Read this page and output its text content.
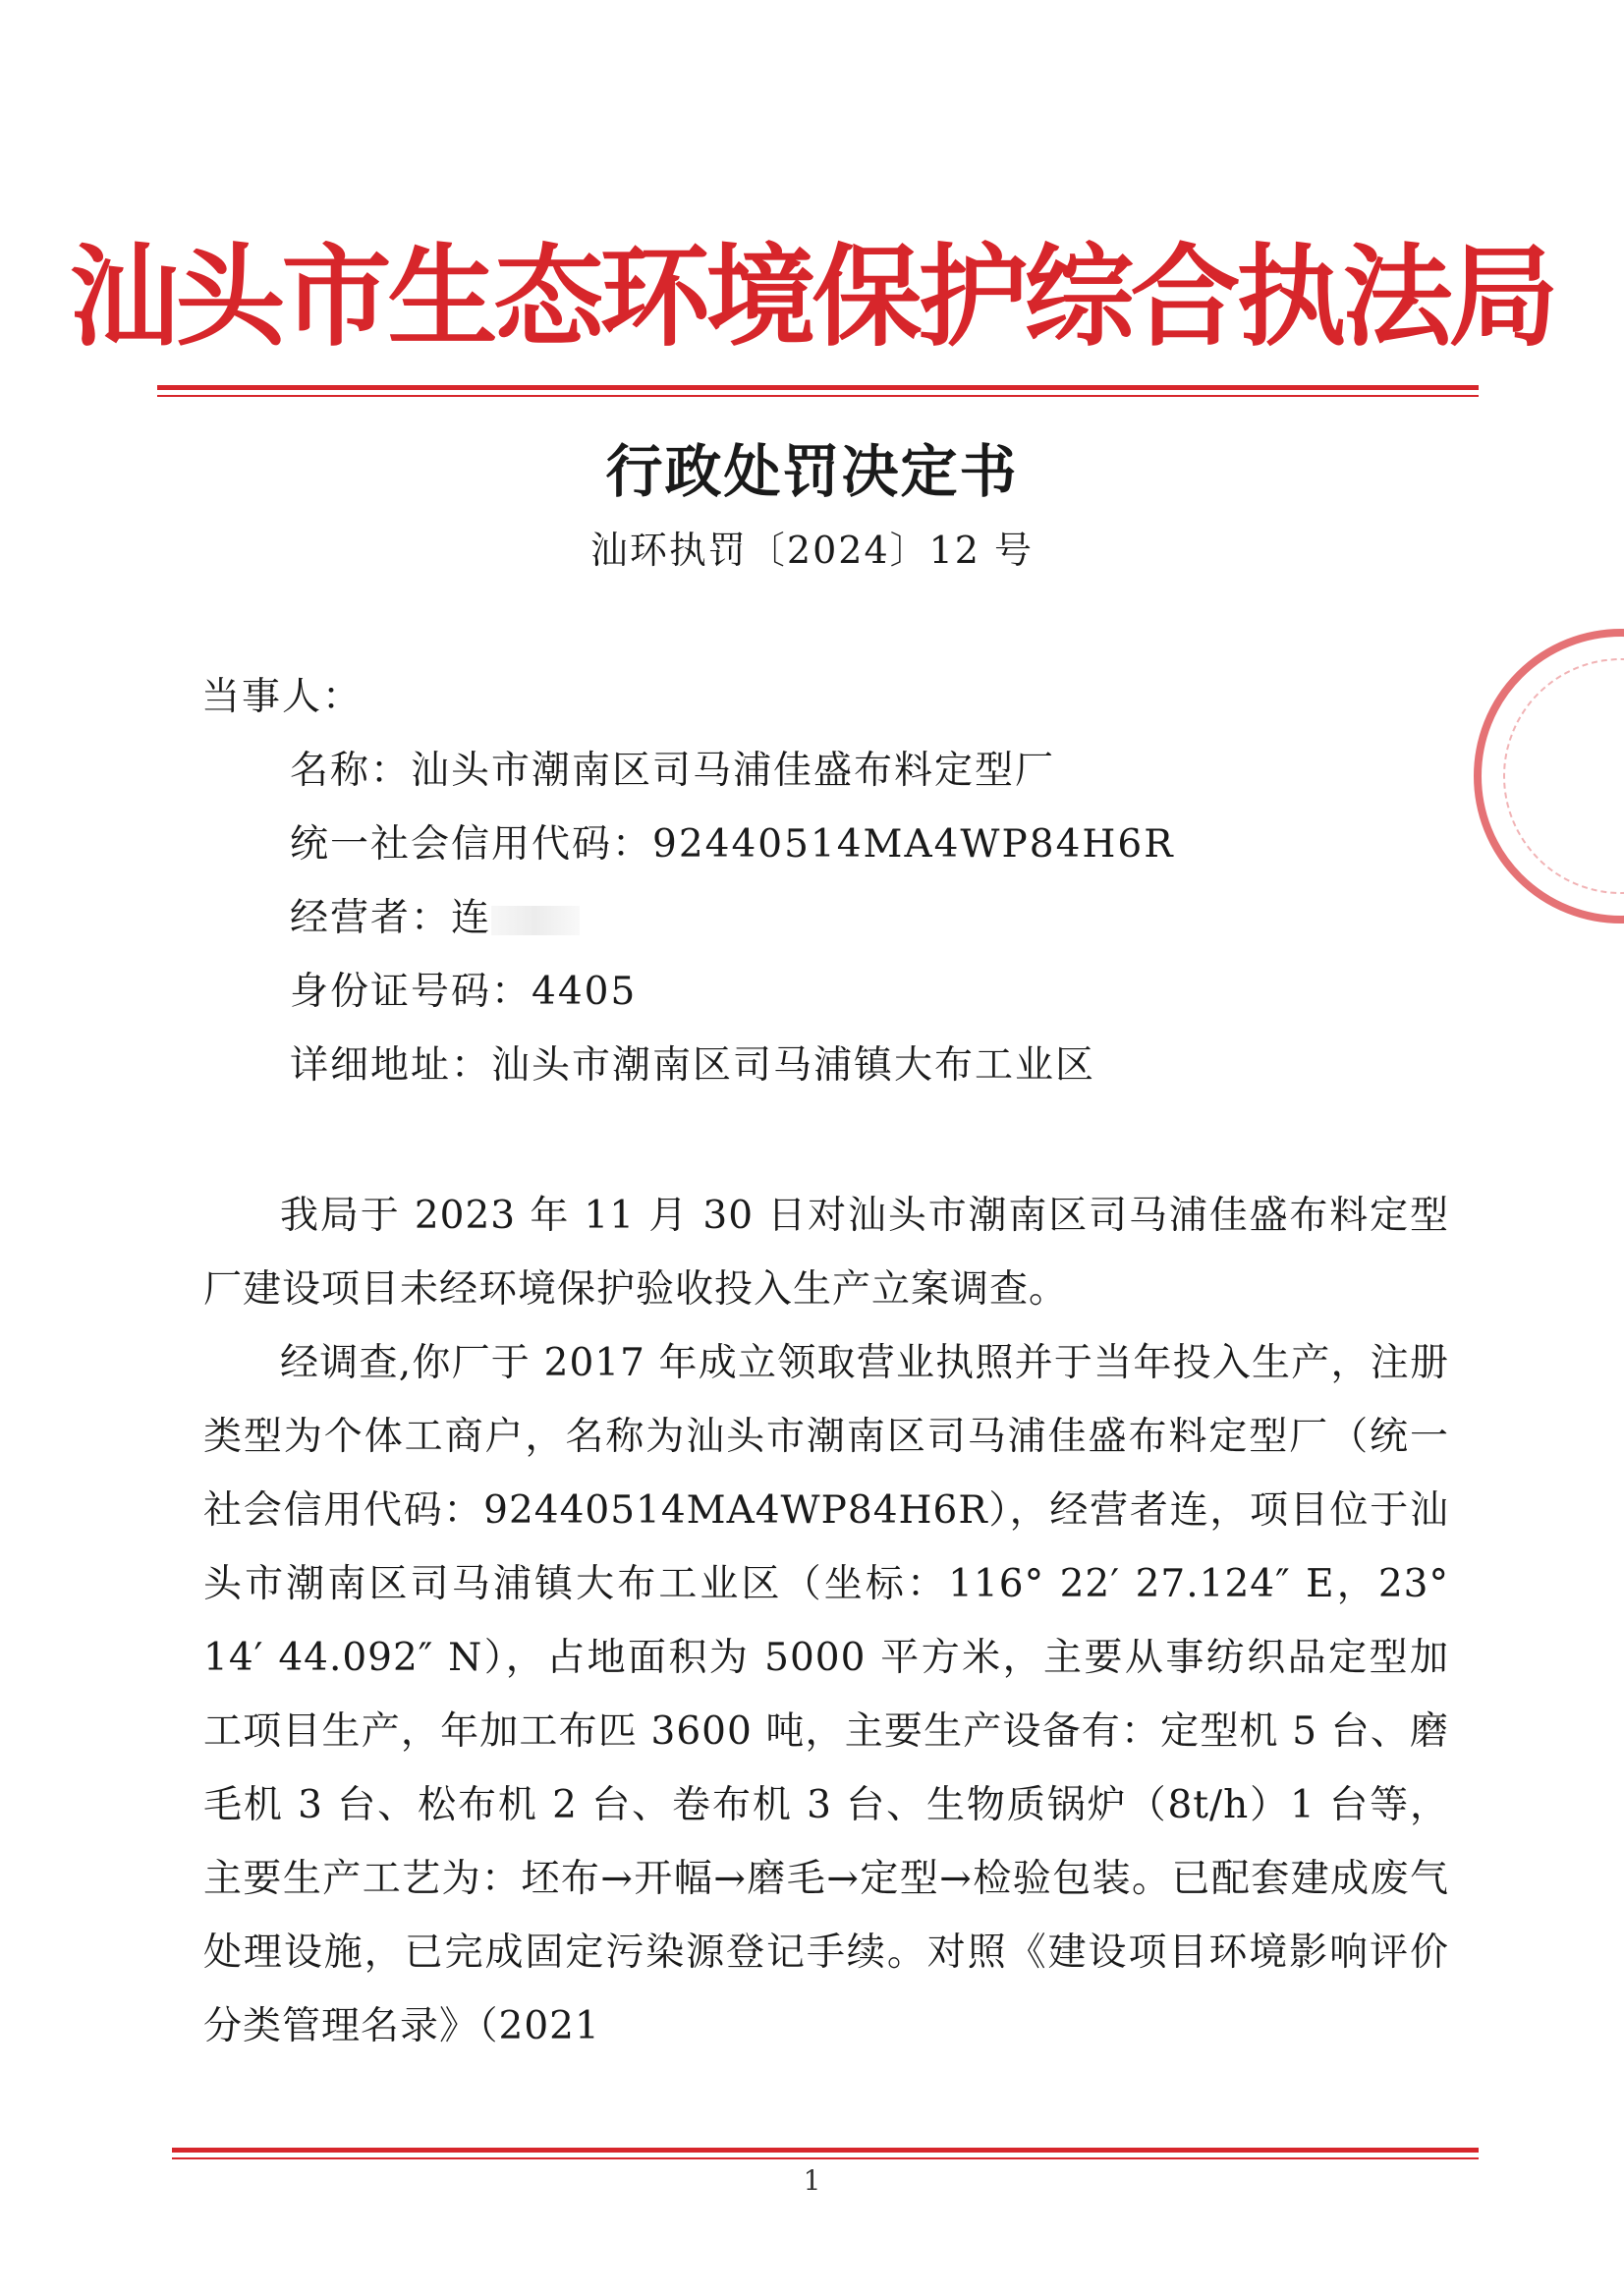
汕头市生态环境保护综合执法局
行政处罚决定书
汕环执罚〔2024〕12 号
当事人：
名称：汕头市潮南区司马浦佳盛布料定型厂
统一社会信用代码：92440514MA4WP84H6R
经营者：连
身份证号码：4405
详细地址：汕头市潮南区司马浦镇大布工业区
我局于 2023 年 11 月 30 日对汕头市潮南区司马浦佳盛布料定型厂建设项目未经环境保护验收投入生产立案调查。
经调查,你厂于 2017 年成立领取营业执照并于当年投入生产，注册类型为个体工商户，名称为汕头市潮南区司马浦佳盛布料定型厂（统一社会信用代码：92440514MA4WP84H6R），经营者连，项目位于汕头市潮南区司马浦镇大布工业区（坐标：116° 22′ 27.124″ E，23° 14′ 44.092″ N），占地面积为 5000 平方米，主要从事纺织品定型加工项目生产，年加工布匹 3600 吨，主要生产设备有：定型机 5 台、磨毛机 3 台、松布机 2 台、卷布机 3 台、生物质锅炉（8t/h）1 台等，主要生产工艺为：坯布→开幅→磨毛→定型→检验包装。已配套建成废气处理设施，已完成固定污染源登记手续。对照《建设项目环境影响评价分类管理名录》（2021
1
